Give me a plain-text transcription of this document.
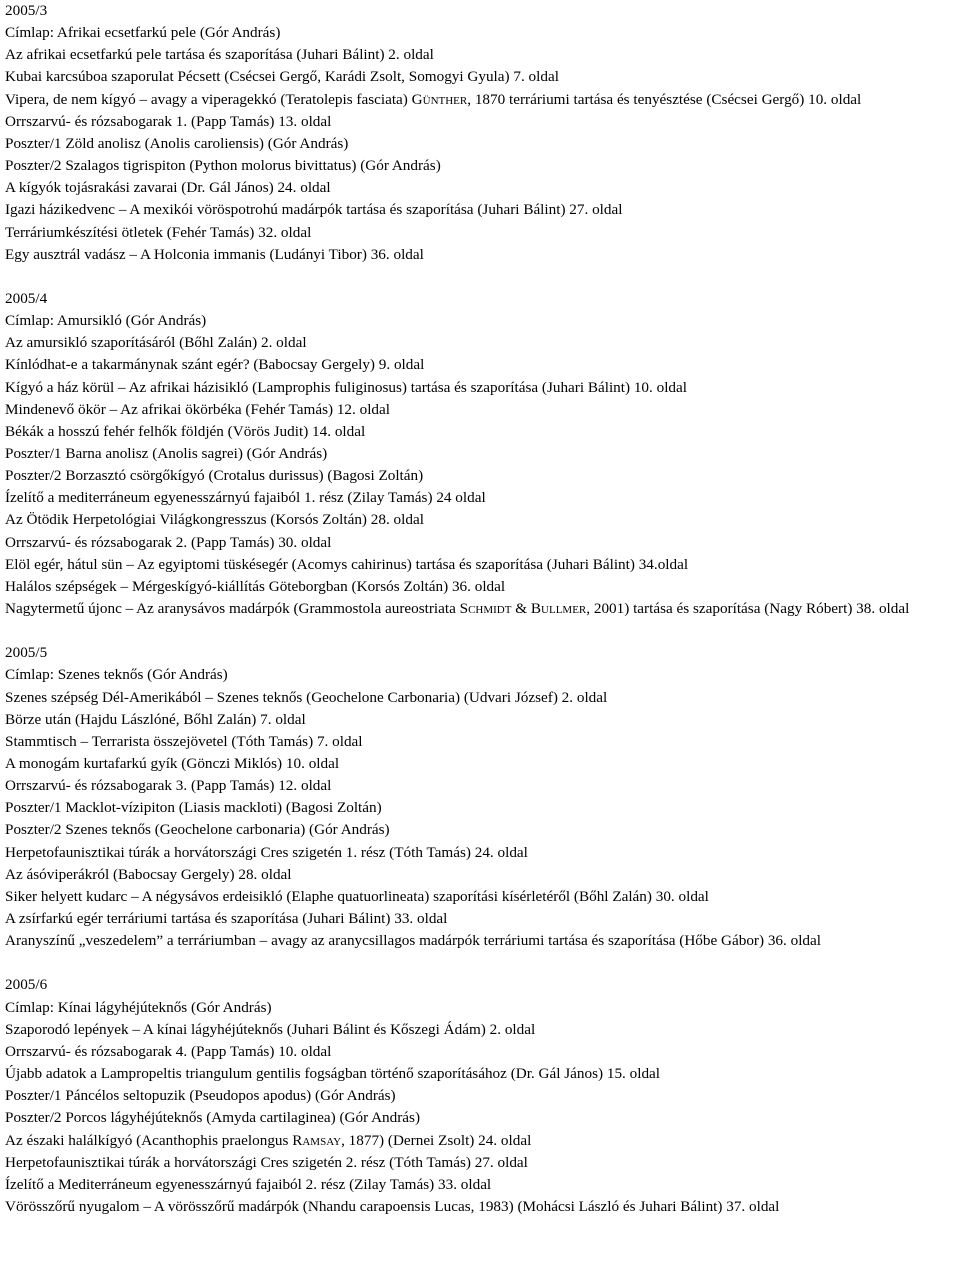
2005/3
Címlap: Afrikai ecsetfarkú pele (Gór András)
Az afrikai ecsetfarkú pele tartása és szaporítása (Juhari Bálint) 2. oldal
Kubai karcsúboa szaporulat Pécsett (Csécsei Gergő, Karádi Zsolt, Somogyi Gyula) 7. oldal
Vipera, de nem kígyó – avagy a viperagekkó (Teratolepis fasciata) Günther, 1870 terráriumi tartása és tenyésztése (Csécsei Gergő) 10. oldal
Orrszarvú- és rózsabogarak 1. (Papp Tamás) 13. oldal
Poszter/1 Zöld anolisz (Anolis caroliensis) (Gór András)
Poszter/2 Szalagos tigrispiton (Python molorus bivittatus) (Gór András)
A kígyók tojásrakási zavarai (Dr. Gál János) 24. oldal
Igazi házikedvenc – A mexikói vöröspotrohú madárpók tartása és szaporítása (Juhari Bálint) 27. oldal
Terráriumkészítési ötletek (Fehér Tamás) 32. oldal
Egy ausztrál vadász – A Holconia immanis (Ludányi Tibor) 36. oldal
2005/4
Címlap: Amursikló (Gór András)
Az amursikló szaporításáról (Bőhl Zalán) 2. oldal
Kínlódhat-e a takarmánynak szánt egér? (Babocsay Gergely) 9. oldal
Kígyó a ház körül – Az afrikai házisikló (Lamprophis fuliginosus) tartása és szaporítása (Juhari Bálint) 10. oldal
Mindenevő ökör – Az afrikai ökörbéka (Fehér Tamás) 12. oldal
Békák a hosszú fehér felhők földjén (Vörös Judit) 14. oldal
Poszter/1 Barna anolisz (Anolis sagrei) (Gór András)
Poszter/2 Borzasztó csörgőkígyó (Crotalus durissus) (Bagosi Zoltán)
Ízelítő a mediterráneum egyenesszárnyú fajaiból 1. rész (Zilay Tamás) 24 oldal
Az Ötödik Herpetológiai Világkongresszus (Korsós Zoltán) 28. oldal
Orrszarvú- és rózsabogarak 2. (Papp Tamás) 30. oldal
Elöl egér, hátul sün – Az egyiptomi tüskésegér (Acomys cahirinus) tartása és szaporítása (Juhari Bálint) 34.oldal
Halálos szépségek – Mérgeskígyó-kiállítás Göteborgban (Korsós Zoltán) 36. oldal
Nagytermetű újonc – Az aranysávos madárpók (Grammostola aureostriata Schmidt & Bullmer, 2001) tartása és szaporítása (Nagy Róbert) 38. oldal
2005/5
Címlap: Szenes teknős (Gór András)
Szenes szépség Dél-Amerikából – Szenes teknős (Geochelone Carbonaria) (Udvari József) 2. oldal
Börze után (Hajdu Lászlóné, Bőhl Zalán) 7. oldal
Stammtisch – Terrarista összejövetel (Tóth Tamás) 7. oldal
A monogám kurtafarkú gyík (Gönczi Miklós) 10. oldal
Orrszarvú- és rózsabogarak 3. (Papp Tamás) 12. oldal
Poszter/1 Macklot-vízipiton (Liasis mackloti) (Bagosi Zoltán)
Poszter/2 Szenes teknős (Geochelone carbonaria) (Gór András)
Herpetofaunisztikai túrák a horvátországi Cres szigetén 1. rész (Tóth Tamás) 24. oldal
Az ásóviperákról (Babocsay Gergely) 28. oldal
Siker helyett kudarc – A négysávos erdeisikló (Elaphe quatuorlineata) szaporítási kísérletéről (Bőhl Zalán) 30. oldal
A zsírfarkú egér terráriumi tartása és szaporítása (Juhari Bálint) 33. oldal
Aranyszínű „veszedelem” a terráriumban – avagy az aranycsillagos madárpók terráriumi tartása és szaporítása (Hőbe Gábor) 36. oldal
2005/6
Címlap: Kínai lágyhéjúteknős (Gór András)
Szaporodó lepények – A kínai lágyhéjúteknős (Juhari Bálint és Kőszegi Ádám) 2. oldal
Orrszarvú- és rózsabogarak 4. (Papp Tamás) 10. oldal
Újabb adatok a Lampropeltis triangulum gentilis fogságban történő szaporításához (Dr. Gál János) 15. oldal
Poszter/1 Páncélos seltopuzik (Pseudopos apodus) (Gór András)
Poszter/2 Porcos lágyhéjúteknős (Amyda cartilaginea) (Gór András)
Az északi halálkígyó (Acanthophis praelongus Ramsay, 1877) (Dernei Zsolt) 24. oldal
Herpetofaunisztikai túrák a horvátországi Cres szigetén 2. rész (Tóth Tamás) 27. oldal
Ízelítő a Mediterráneum egyenesszárnyú fajaiból 2. rész (Zilay Tamás) 33. oldal
Vörösszőrű nyugalom – A vörösszőrű madárpók (Nhandu carapoensis Lucas, 1983) (Mohácsi László és Juhari Bálint) 37. oldal
